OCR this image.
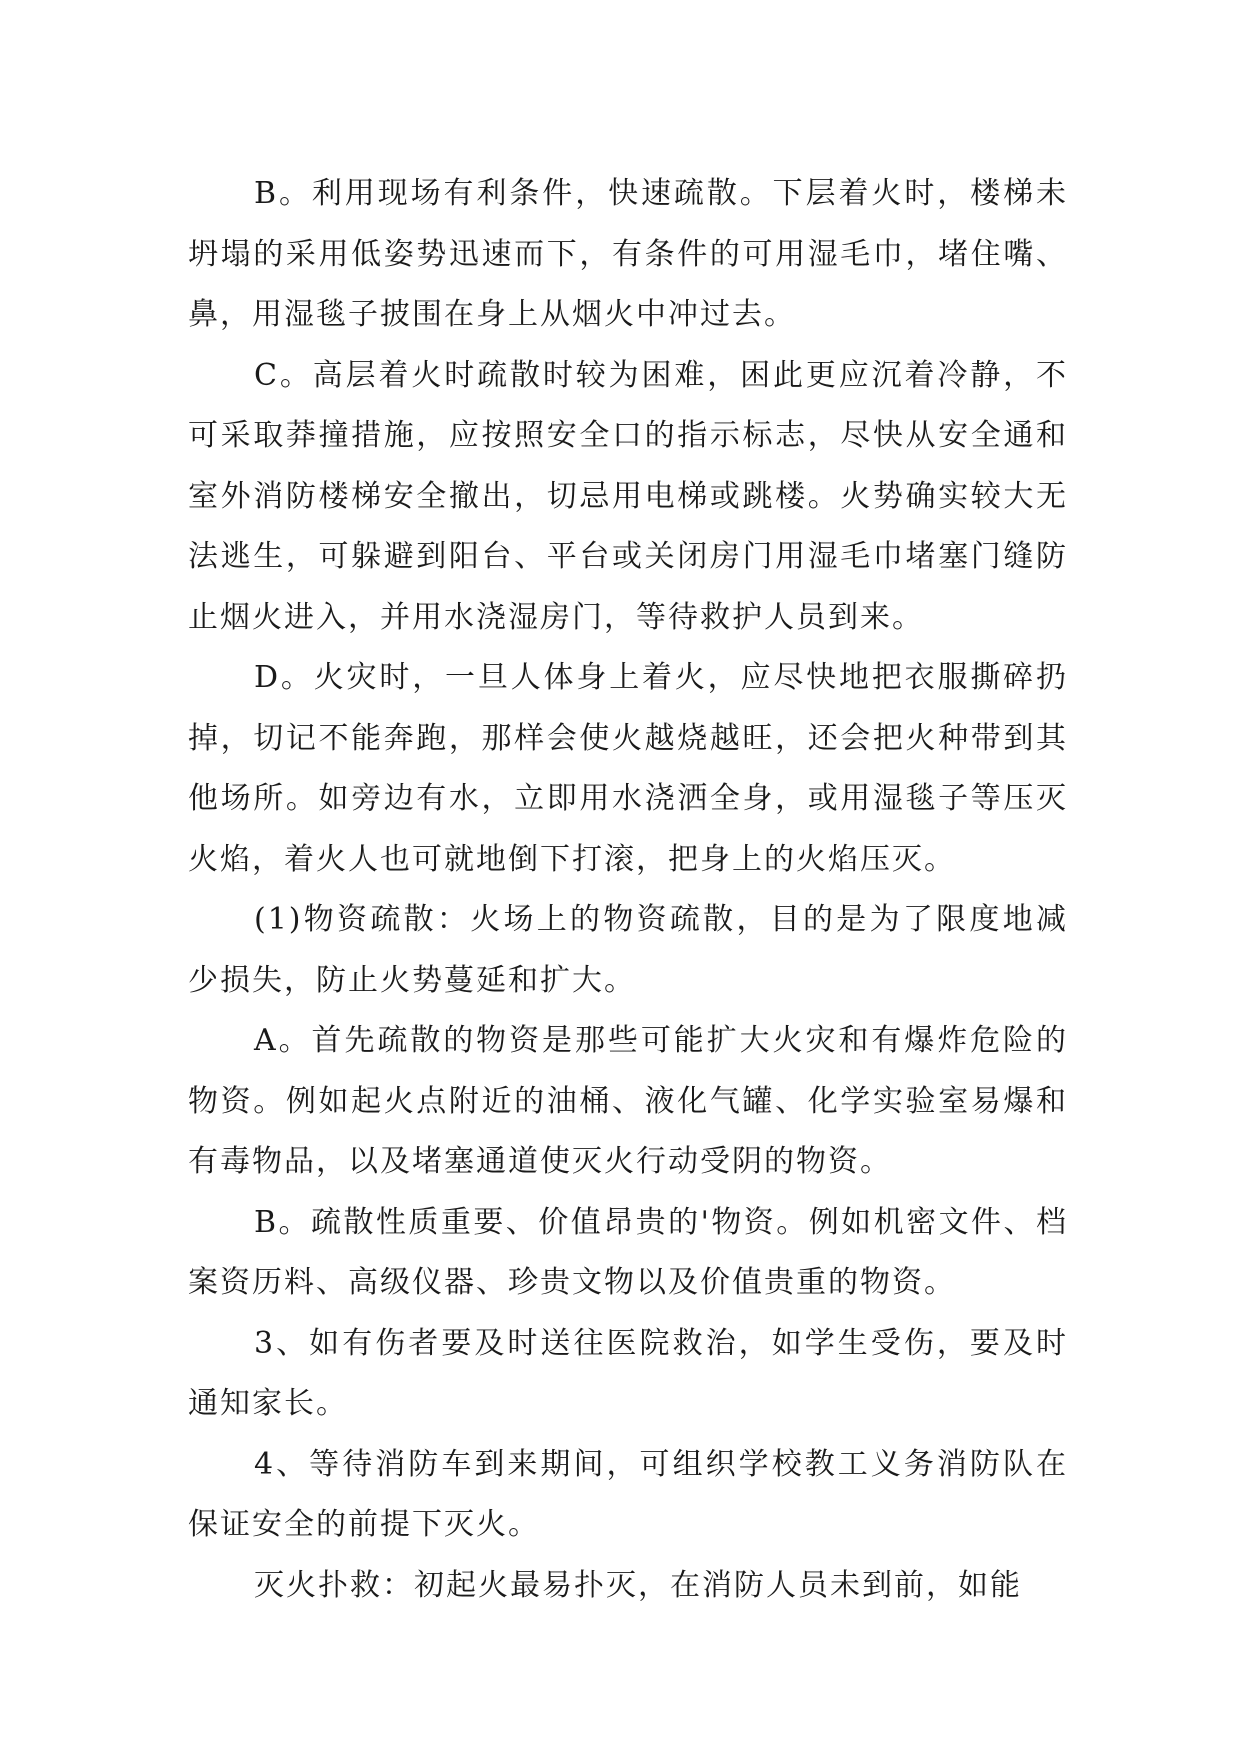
B。利用现场有利条件，快速疏散。下层着火时，楼梯未坍塌的采用低姿势迅速而下，有条件的可用湿毛巾，堵住嘴、鼻，用湿毯子披围在身上从烟火中冲过去。

C。高层着火时疏散时较为困难，困此更应沉着冷静，不可采取莽撞措施，应按照安全口的指示标志，尽快从安全通和室外消防楼梯安全撤出，切忌用电梯或跳楼。火势确实较大无法逃生，可躲避到阳台、平台或关闭房门用湿毛巾堵塞门缝防止烟火进入，并用水浇湿房门，等待救护人员到来。

D。火灾时，一旦人体身上着火，应尽快地把衣服撕碎扔掉，切记不能奔跑，那样会使火越烧越旺，还会把火种带到其他场所。如旁边有水，立即用水浇洒全身，或用湿毯子等压灭火焰，着火人也可就地倒下打滚，把身上的火焰压灭。

(1)物资疏散：火场上的物资疏散，目的是为了限度地减少损失，防止火势蔓延和扩大。

A。首先疏散的物资是那些可能扩大火灾和有爆炸危险的物资。例如起火点附近的油桶、液化气罐、化学实验室易爆和有毒物品，以及堵塞通道使灭火行动受阴的物资。

B。疏散性质重要、价值昂贵的'物资。例如机密文件、档案资历料、高级仪器、珍贵文物以及价值贵重的物资。

3、如有伤者要及时送往医院救治，如学生受伤，要及时通知家长。

4、等待消防车到来期间，可组织学校教工义务消防队在保证安全的前提下灭火。

灭火扑救：初起火最易扑灭，在消防人员未到前，如能
